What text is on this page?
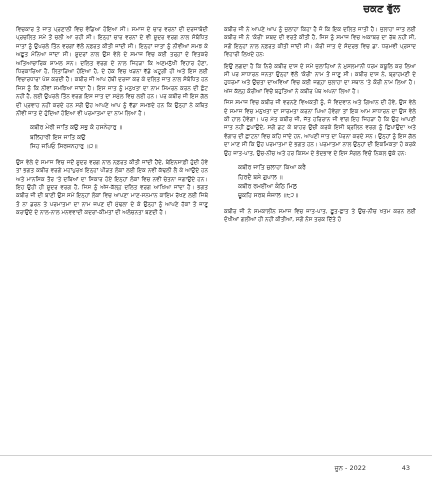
ਚਕਣ ਵੁੱਲ

ਵਿਚਕਾਰ ਤੇ ਜਾਤ ਪ੍ਰਣਾਲੀ ਵਿਚ ਵੰਡਿਆ ਹੋਇਆ ਸੀ। ਸਮਾਜ ਦੇ ਚਾਰ ਵਰਨਾਂ ਦੀ ਦਰਜਾਬੰਦੀ ਪ੍ਰਚਲਿਤ ਸਮੇਂ ਤੋਂ ਚਲੀ ਆ ਰਹੀ ਸੀ। ਇਨ੍ਹਾਂ ਚਾਰ ਵਰਨਾਂ ਦੇ ਵੀ ਸ਼ੂਦਰ ਵਰਗ ਨਾਲ ਸੰਬੰਧਿਤ ਜਾਤਾਂ ਨੂੰ ਉਪਰਲੇ ਤਿੰਨ ਵਰਗਾਂ ਵੱਲੋਂ ਨਫ਼ਰਤ ਕੀਤੀ ਜਾਂਦੀ ਸੀ। ਇਨ੍ਹਾਂ ਜਾਤਾਂ ਨੂੰ ਨੀਵੀਆਂ ਸਮਝ ਕੇ ਅਛੂਤ ਮੰਨਿਆ ਜਾਂਦਾ ਸੀ। ਸ਼ੂਦਰਾਂ ਨਾਲ ਉਸ ਵੇਲੇ ਦੇ ਸਮਾਜ ਵਿਚ ਕਈ ਤਰ੍ਹਾਂ ਦੇ ਵਿਤਕਰੇ ਅਤਿਆਚਾਰਿਕ ਸ਼ਾਮਲ ਸਨ। ਦਲਿਤ ਵਰਗ ਦੇ ਨਾਲ ਜਿਹੜਾ ਕਿ ਅਣਮਨੁੱਖੀ ਵਿਹਾਰ ਹੋਣਾ, ਧਿਰਕਾਰਿਆ ਹੈ, ਲਿਤਾੜਿਆ ਹੋਇਆ ਹੈ, ਦੇ ਹੱਕ ਵਿਚ ਖੜਨਾ ਵੱਡੇ ਘਟੂਗੀ ਹੀ ਅਤੇ ਇਸ ਲਈ ਵਿਚਾਰਧਾਰਾ ਪੇਸ਼ ਕਰਦੀ ਹੈ। ਕਬੀਰ ਜੀ ਆਪ ਹੱਥੀ ਦਰਜਾ ਕਰ ਕੇ ਦਲਿਤ ਜਾਤ ਨਾਲ ਸੰਬੰਧਿਤ ਹਨ ਜਿਸ ਨੂੰ ਕਿ ਨੀਵਾਂ ਸਮਝਿਆ ਜਾਂਦਾ ਹੈ। ਇਸ ਜਾਤ ਨੂੰ ਮਨੁਖਤਾ ਦਾ ਨਾਮ ਸਿਮਰਨ ਕਰਨ ਦੀ ਛੋਟ ਨਹੀਂ ਹੈ, ਲਈ ਉਪਰਲੇ ਤਿੰਨ ਵਰਗ ਇਸ ਜਾਤ ਦਾ ਸਮੁੱਲ ਵਿਚ ਲਈ ਹਨ। ਪਰ ਕਬੀਰ ਜੀ ਇਸ ਗੱਲ ਦੀ ਪ੍ਰਵਾਹ ਨਹੀਂ ਕਰਦੇ ਹਨ ਸਗੋਂ ਉਹ ਆਪਣੇ ਆਪ ਨੂੰ ਵੱਡਾ ਸਮਝਦੇ ਹਨ ਕਿ ਉਨ੍ਹਾਂ ਨੇ ਕਥਿਤ ਨੀਵੀਂ ਜਾਤ ਦੇ ਹੁੰਦਿਆਂ ਹੋਇਆ ਵੀ ਪਰਮਾਤਮਾ ਦਾ ਨਾਮ ਲਿਆ ਹੈ।

ਕਬੀਰ ਮੇਰੀ ਜਾਤਿ ਕਉ ਸਭੁ ਕੋ ਹਸਨੇਹਾਰੁ ॥
ਬਲਿਹਾਰੀ ਇਸ ਜਾਤਿ ਕਉ
ਜਿਹ ਜਪਿਓ ਸਿਰਜਨਹਾਰੁ ॥੨॥

ਉਸ ਵੇਲੇ ਦੇ ਸਮਾਜ ਵਿਚ ਜਦੋਂ ਸ਼ੂਦਰ ਵਰਗ ਨਾਲ ਨਫ਼ਰਤ ਕੀਤੀ ਜਾਂਦੀ ਹੈਂਦੇ, ਬੇਇਨਸਾਫ਼ੀ ਹੁੰਦੀ ਹੋਵੇ ਤਾਂ ਭਗਤ ਕਬੀਰ ਵਰਗੇ ਮਹਾਂਪੁਰਖ ਇਨ੍ਹਾਂ ਪੀੜਤ ਲੋਕਾਂ ਲਈ ਇਕ ਨਵੀਂ ਕੱਢਲੀ ਲੈ ਕੇ ਆਉਂਦੇ ਹਨ ਅਤੇ ਮਾਨਸਿਕ ਤੌਰ 'ਤੇ ਦਬਿਆਂ ਦਾ ਸਿਕਾਰ ਹੋਏ ਇਨ੍ਹਾਂ ਲੋਕਾਂ ਵਿਚ ਨਵੀਂ ਚੇਤਨਾ ਜਗਾਉਂਦੇ ਹਨ। ਇਹ ਉਹੀ ਹੀ ਸ਼ੂਦਰ ਵਰਗ ਹੈ, ਜਿਸ ਨੂੰ ਅੱਜ-ਕੱਲ੍ਹ ਦਲਿਤ ਵਰਗ ਆਖਿਆ ਜਾਂਦਾ ਹੈ। ਭਗਤ ਕਬੀਰ ਜੀ ਦੀ ਬਾਣੀ ਉਸ ਸਮੇਂ ਇਨ੍ਹਾਂ ਲੋਕਾਂ ਵਿਚ ਆਪਣਾ ਮਾਣ-ਸਨਮਾਨ ਕਾਇਮ ਰੱਖਣ ਲਈ ਜਿਥੇ ਤੋ ਨਾ ਡਰਨ ਤੇ ਪਰਮਾਤਮਾ ਦਾ ਨਾਮ ਜਪਣ ਦੀ ਮੁੱਢਲਾ ਦੇ ਕੇ ਉਨ੍ਹਾਂ ਨੂੰ ਆਪਣੇ ਹੱਕਾਂ ਤੋਂ ਜਾਣੂ ਕਰਾਉਂਦੇ ਦੇ ਨਾਲ-ਨਾਲ ਮਨਵਵਾਦੀ ਕਦਰਾਂ-ਕੀਮਤਾਂ ਦੀ ਅਲੋਚਨਤਾ ਬਣਦੀ ਹੈ।

ਕਬੀਰ ਜੀ ਨੇ ਆਪਣੇ ਆਪ ਨੂੰ ਜੁਲਾਹਾ ਕਿਹਾ ਹੈ ਜੋ ਕਿ ਇਕ ਦਲਿਤ ਜਾਤੀ ਹੈ। ਜੁਲਾਹਾ ਜਾਤ ਲਈ ਕਬੀਰ ਜੀ ਨੇ 'ਕੋਰੀ' ਸ਼ਬਦ ਦੀ ਵਰਤੋਂ ਕੀਤੀ ਹੈ, ਜਿਸ ਨੂੰ ਸਮਾਜ ਵਿਚ ਅਕਾਬਰ ਦਾ ਰੱਥ ਨਹੀਂ ਸੀ, ਸਗੋਂ ਇਨ੍ਹਾਂ ਨਾਲ ਨਫ਼ਰਤ ਕੀਤੀ ਜਾਂਦੀ ਸੀ। ਕੋਰੀ ਜਾਤ ਦੇ ਸੰਦਰਭ ਵਿਚ ਡਾ. ਧਰਮਵੀ ਪ੍ਰਸਾਦ ਵਿਹਾਰੀ ਲਿਖਦੇ ਹਨ:

ਇਉਂ ਲਗਦਾ ਹੈ ਕਿ ਨਿਰੰ ਕਬੀਰ ਦਾਸ ਦੇ ਸਮੇਂ ਜੁਲਾਹਿਆਂ ਨੇ ਮੁਸਲਮਾਨੀ ਧਰਮ ਕਬੂਲਿ ਕਰ ਲਿਆ ਸੀ ਪਰ ਸਾਧਾਰਨ ਜਨਤਾ ਉਨ੍ਹਾਂ ਵੱਲੋਂ 'ਕੋਰੀ' ਨਾਮ ਤੋਂ ਜਾਣੂ ਸੀ। ਕਬੀਰ ਦਾਸ ਨੇ, ਬ੍ਰਾਹਮਣੀ ਦੇ ਹੁਧਰਮਾਂ ਅਤੇ ਉਚਤਾ ਦਾਅਵਿਆਂ ਵਿਚ ਕਈ ਜਗ੍ਹਾ ਜੁਲਾਹਾ ਦਾ ਸਥਾਨ 'ਤੇ ਕੋਰੀ ਨਾਮ ਲਿਆ ਹੈ। ਅੱਜ ਕੱਲ੍ਹ ਕੋਰੀਆਂ ਵਿਚੋਂ ਬਹੁਤਿਆਂ ਨੇ ਕਬੀਰ ਪੰਥ ਅਪਨਾ ਲਿਆ ਹੈ।

ਜਿਸ ਸਮਾਜ ਵਿਚ ਕਬੀਰ ਜੀ ਵਰਨਣੇ ਵਿਅਕਤੀ ਨੂੰ, ਜੋ ਵਿਦਵਾਨ ਅਤੇ ਗਿਆਨ ਦੀ ਹੋਵੇ, ਉਸ ਵੇਲੇ ਦੇ ਸਮਾਜ ਵਿਚ ਮਨੁਖਤਾ ਦਾ ਸਾਰਮਤਾ ਕਰਨਾ ਪਿਆ ਹੋਵੇਗਾ ਤਾਂ ਇਕ ਆਮ ਸਾਧਾਰਨ ਦਾ ਉਸ ਵੇਲੇ ਕੀ ਹਾਲ ਹੋਵੇਗਾ। ਪਰ ਮੱਤ ਕਬੀਰ ਜੀ, ਜੱਤ ਹਰਿਰਾਨ ਜੀ ਵਾਂਗ ਇਹ ਜਿਹੜਾ ਹੈ ਕਿ ਉਹ ਆਪਣੀ ਜਾਤ ਨਹੀਂ ਛੁਪਾਉਂਦੇ, ਸਗੋਂ ਡਟ ਕੇ ਬਾਹਰ ਉਚੀ ਕਰਕੇ ਇਸੀ ਬ੍ਰਲਿਨ ਵਰਗ ਨੂੰ ਛਿਪਾਉਂਦਾ ਅਤੇ ਵੰਗਾਰ ਦੀ ਛਾਟਨਾ ਵਿਚ ਕਹਿ ਜਾਂਦੇ ਹਨ, ਆਪਣੀ ਜਾਤ ਦਾ ਪੈਰਨਾ ਕਰਦੇ ਸਨ। ਉਨ੍ਹਾਂ ਨੂੰ ਇਸ ਗੱਲ ਦਾ ਮਾਣ ਸੀ ਕਿ ਉਹ ਪਰਮਾਤਮਾ ਦੇ ਭਗਤ ਹਨ। ਪਰਮਾਤਮਾ ਨਾਲ ਉਨ੍ਹਾਂ ਦੀ ਇਕਮਿਕਤਾ ਹੋ ਕਰਕੇ ਉਹ ਜਾਤ-ਪਾਤ, ਉਚ-ਨੀਚ ਅਤੇ ਹਰ ਕਿਸਮ ਦੇ ਭੇਦਭਾਵ ਦੇ ਇਸ ਸੰਗਲ ਵਿਚੋਂ ਨਿਕਲ ਚੁੱਕੇ ਹਨ:

ਕਬੀਰ ਜਾਤਿ ਜੁਲਾਹਾ ਕਿਆ ਕਰੈ
ਹਿਰਦੈ ਬਸੇ ਗੁਪਾਲ ॥
ਕਬੀਰ ਰਮਈਆ ਕੰਠਿ ਮਿਲੁ
ਚੂਕਹਿ ਸਰਬ ਜੰਜਾਲ ॥੮੨॥

ਕਬੀਰ ਜੀ ਨੇ ਸਮਕਾਲੀਨ ਸਮਾਜ ਵਿਚ ਜਾਤ-ਪਾਤ, ਛੂਤ-ਛਾਤ ਤੇ ਉਚ-ਨੀਚ ਖਤਮ ਕਰਨ ਲਈ ਦੋਖੀਆਂ ਗਲੀਆਂ ਹੀ ਨਹੀਂ ਕੀਤੀਆਂ, ਸਗੋਂ ਨੋਸ ਤਰਕ ਦਿੱਤੇ ਹੋ

ਜੂਨ - 2022	43
